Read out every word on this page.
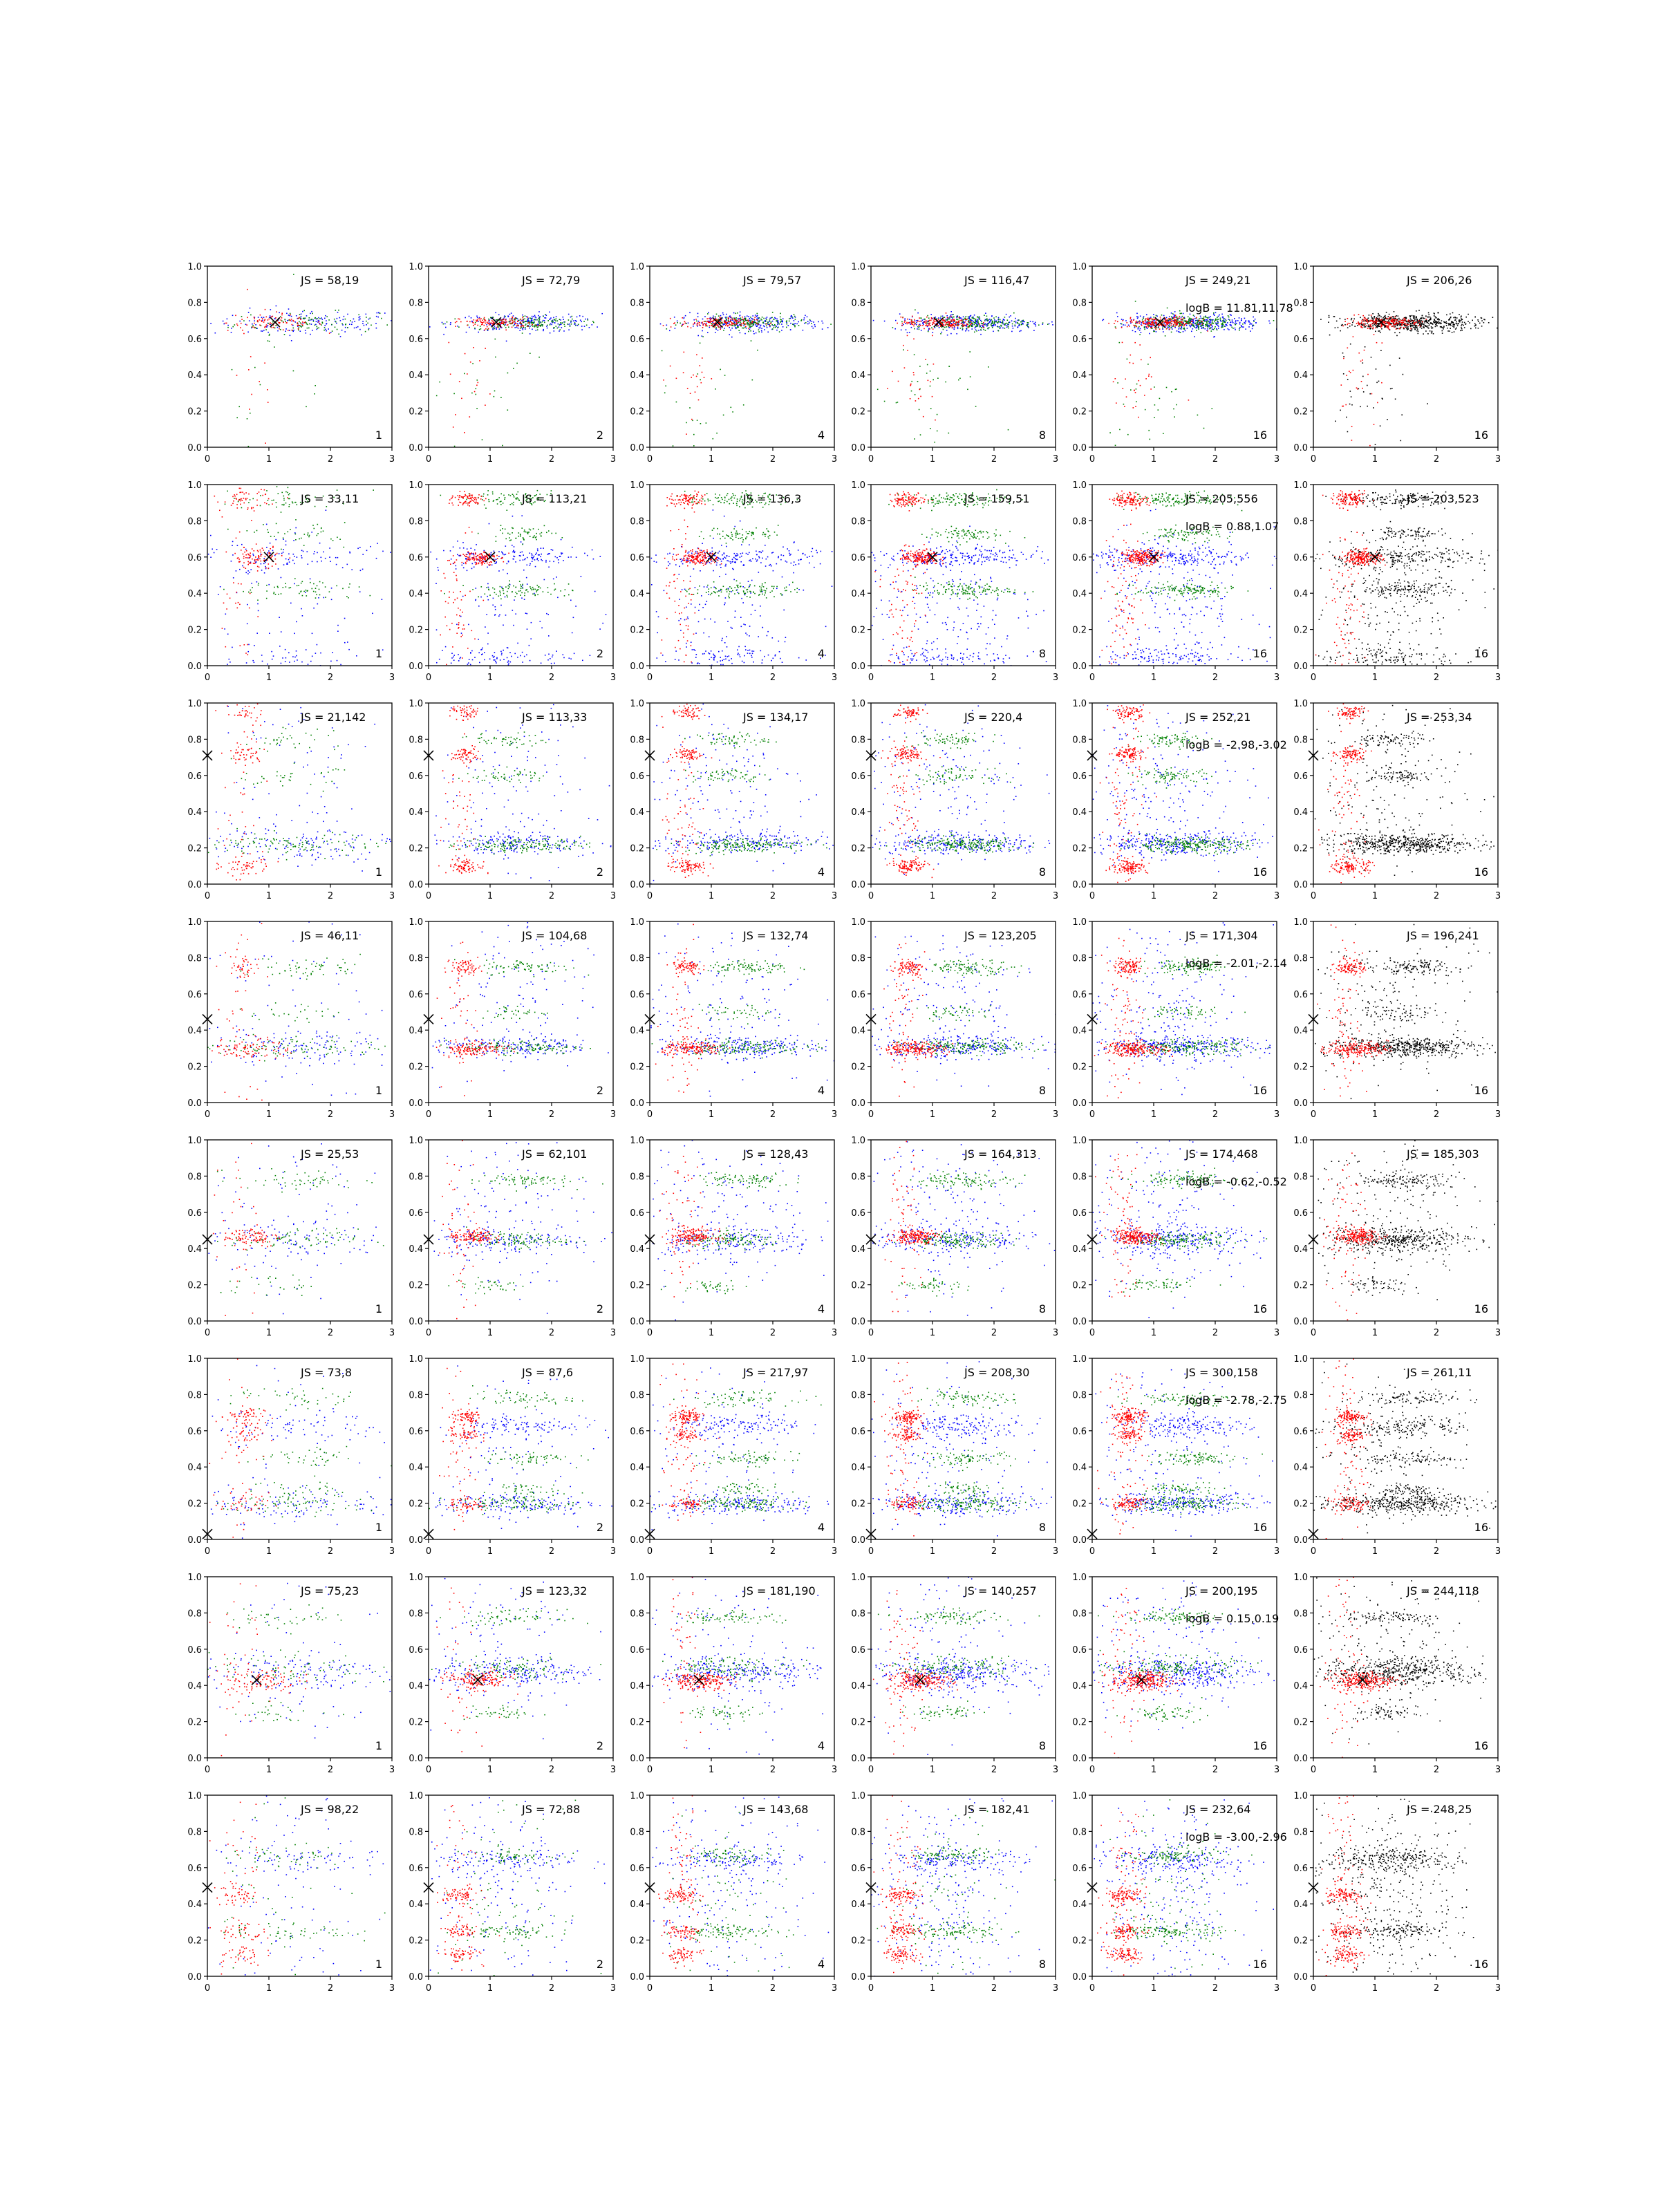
0	1	2	3
0.0
0.2
0.4
0.6
0.8
1.0
JS = 58,19
1
0	1	2	3
0.0
0.2
0.4
0.6
0.8
1.0
JS = 72,79
2
0	1	2	3
0.0
0.2
0.4
0.6
0.8
1.0
JS = 79,57
4
0	1	2	3
0.0
0.2
0.4
0.6
0.8
1.0
JS = 116,47
8
0	1	2	3
0.0
0.2
0.4
0.6
0.8
1.0
JS = 249,21
logB = 11.81,11.78
16
0	1	2	3
0.0
0.2
0.4
0.6
0.8
1.0
JS = 206,26
16
0	1	2	3
0.0
0.2
0.4
0.6
0.8
1.0
JS = 33,11
1
0	1	2	3
0.0
0.2
0.4
0.6
0.8
1.0
JS = 113,21
2
0	1	2	3
0.0
0.2
0.4
0.6
0.8
1.0
JS = 136,3
4
0	1	2	3
0.0
0.2
0.4
0.6
0.8
1.0
JS = 159,51
8
0	1	2	3
0.0
0.2
0.4
0.6
0.8
1.0
JS = 205,556
logB = 0.88,1.07
16
0	1	2	3
0.0
0.2
0.4
0.6
0.8
1.0
JS = 203,523
16
0	1	2	3
0.0
0.2
0.4
0.6
0.8
1.0
JS = 21,142
1
0	1	2	3
0.0
0.2
0.4
0.6
0.8
1.0
JS = 113,33
2
0	1	2	3
0.0
0.2
0.4
0.6
0.8
1.0
JS = 134,17
4
0	1	2	3
0.0
0.2
0.4
0.6
0.8
1.0
JS = 220,4
8
0	1	2	3
0.0
0.2
0.4
0.6
0.8
1.0
JS = 252,21
logB = -2.98,-3.02
16
0	1	2	3
0.0
0.2
0.4
0.6
0.8
1.0
JS = 253,34
16
0	1	2	3
0.0
0.2
0.4
0.6
0.8
1.0
JS = 46,11
1
0	1	2	3
0.0
0.2
0.4
0.6
0.8
1.0
JS = 104,68
2
0	1	2	3
0.0
0.2
0.4
0.6
0.8
1.0
JS = 132,74
4
0	1	2	3
0.0
0.2
0.4
0.6
0.8
1.0
JS = 123,205
8
0	1	2	3
0.0
0.2
0.4
0.6
0.8
1.0
JS = 171,304
logB = -2.01,-2.14
16
0	1	2	3
0.0
0.2
0.4
0.6
0.8
1.0
JS = 196,241
16
0	1	2	3
0.0
0.2
0.4
0.6
0.8
1.0
JS = 25,53
1
0	1	2	3
0.0
0.2
0.4
0.6
0.8
1.0
JS = 62,101
2
0	1	2	3
0.0
0.2
0.4
0.6
0.8
1.0
JS = 128,43
4
0	1	2	3
0.0
0.2
0.4
0.6
0.8
1.0
JS = 164,313
8
0	1	2	3
0.0
0.2
0.4
0.6
0.8
1.0
JS = 174,468
logB = -0.62,-0.52
16
0	1	2	3
0.0
0.2
0.4
0.6
0.8
1.0
JS = 185,303
16
0	1	2	3
0.0
0.2
0.4
0.6
0.8
1.0
JS = 73,8
1
0	1	2	3
0.0
0.2
0.4
0.6
0.8
1.0
JS = 87,6
2
0	1	2	3
0.0
0.2
0.4
0.6
0.8
1.0
JS = 217,97
4
0	1	2	3
0.0
0.2
0.4
0.6
0.8
1.0
JS = 208,30
8
0	1	2	3
0.0
0.2
0.4
0.6
0.8
1.0
JS = 300,158
logB = -2.78,-2.75
16
0	1	2	3
0.0
0.2
0.4
0.6
0.8
1.0
JS = 261,11
16
0	1	2	3
0.0
0.2
0.4
0.6
0.8
1.0
JS = 75,23
1
0	1	2	3
0.0
0.2
0.4
0.6
0.8
1.0
JS = 123,32
2
0	1	2	3
0.0
0.2
0.4
0.6
0.8
1.0
JS = 181,190
4
0	1	2	3
0.0
0.2
0.4
0.6
0.8
1.0
JS = 140,257
8
0	1	2	3
0.0
0.2
0.4
0.6
0.8
1.0
JS = 200,195
logB = 0.15,0.19
16
0	1	2	3
0.0
0.2
0.4
0.6
0.8
1.0
JS = 244,118
16
0	1	2	3
0.0
0.2
0.4
0.6
0.8
1.0
JS = 98,22
1
0	1	2	3
0.0
0.2
0.4
0.6
0.8
1.0
JS = 72,88
2
0	1	2	3
0.0
0.2
0.4
0.6
0.8
1.0
JS = 143,68
4
0	1	2	3
0.0
0.2
0.4
0.6
0.8
1.0
JS = 182,41
8
0	1	2	3
0.0
0.2
0.4
0.6
0.8
1.0
JS = 232,64
logB = -3.00,-2.96
16
0	1	2	3
0.0
0.2
0.4
0.6
0.8
1.0
JS = 248,25
16
